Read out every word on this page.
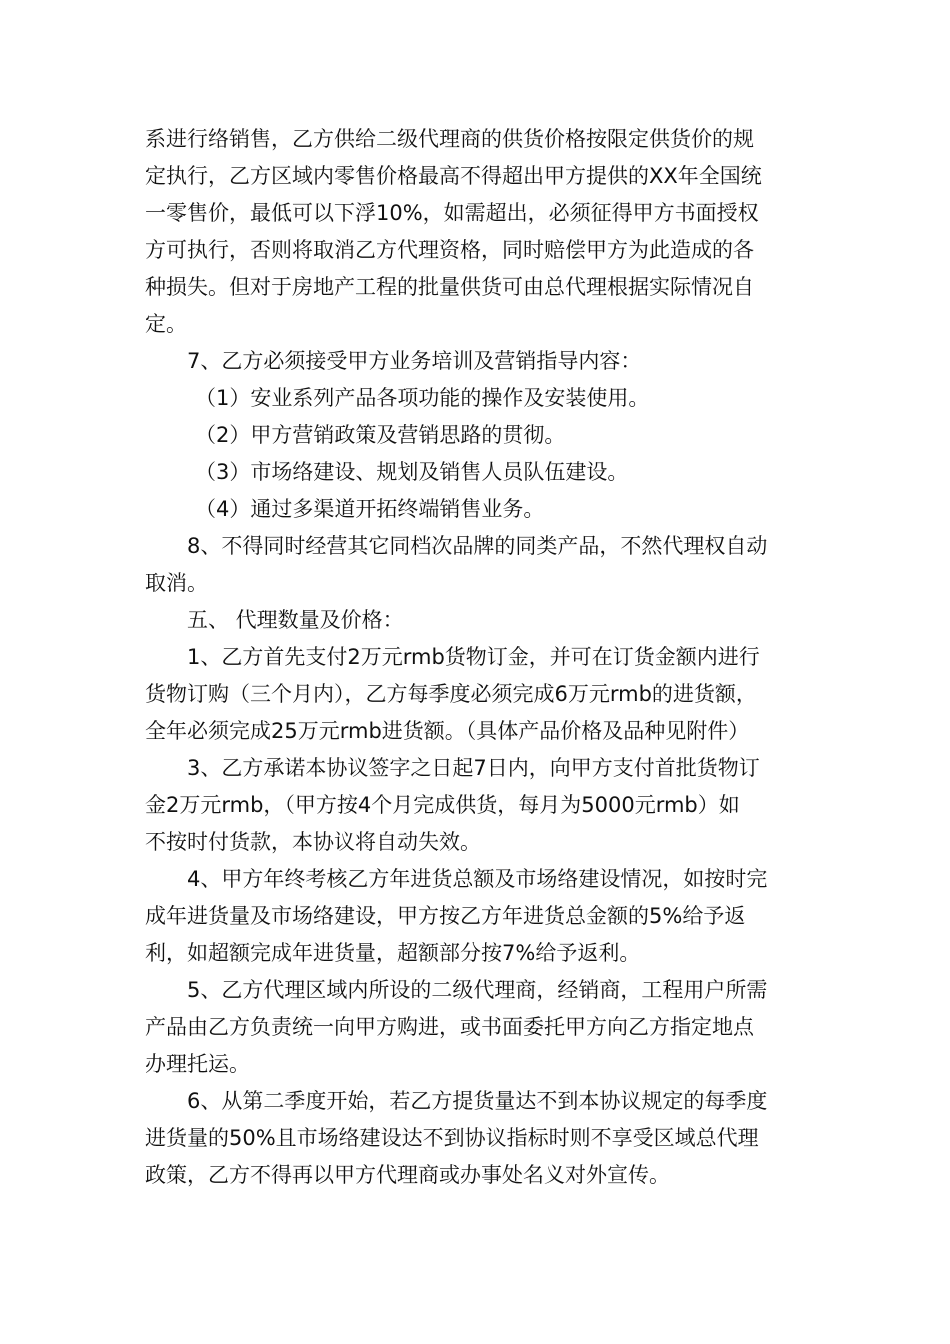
系进行络销售，乙方供给二级代理商的供货价格按限定供货价的规

定执行，乙方区域内零售价格最高不得超出甲方提供的XX年全国统

一零售价，最低可以下浮10%，如需超出，必须征得甲方书面授权

方可执行，否则将取消乙方代理资格，同时赔偿甲方为此造成的各

种损失。但对于房地产工程的批量供货可由总代理根据实际情况自

定。

7、乙方必须接受甲方业务培训及营销指导内容：

（1）安业系列产品各项功能的操作及安装使用。

（2）甲方营销政策及营销思路的贯彻。

（3）市场络建设、规划及销售人员队伍建设。

（4）通过多渠道开拓终端销售业务。

8、不得同时经营其它同档次品牌的同类产品，不然代理权自动

取消。

五、 代理数量及价格：

1、乙方首先支付2万元rmb货物订金，并可在订货金额内进行

货物订购（三个月内），乙方每季度必须完成6万元rmb的进货额，

全年必须完成25万元rmb进货额。（具体产品价格及品种见附件）

3、乙方承诺本协议签字之日起7日内，向甲方支付首批货物订

金2万元rmb，（甲方按4个月完成供货，每月为5000元rmb）如

不按时付货款，本协议将自动失效。

4、甲方年终考核乙方年进货总额及市场络建设情况，如按时完

成年进货量及市场络建设，甲方按乙方年进货总金额的5%给予返

利，如超额完成年进货量，超额部分按7%给予返利。

5、乙方代理区域内所设的二级代理商，经销商，工程用户所需

产品由乙方负责统一向甲方购进，或书面委托甲方向乙方指定地点

办理托运。

6、从第二季度开始，若乙方提货量达不到本协议规定的每季度

进货量的50%且市场络建设达不到协议指标时则不享受区域总代理

政策，乙方不得再以甲方代理商或办事处名义对外宣传。
